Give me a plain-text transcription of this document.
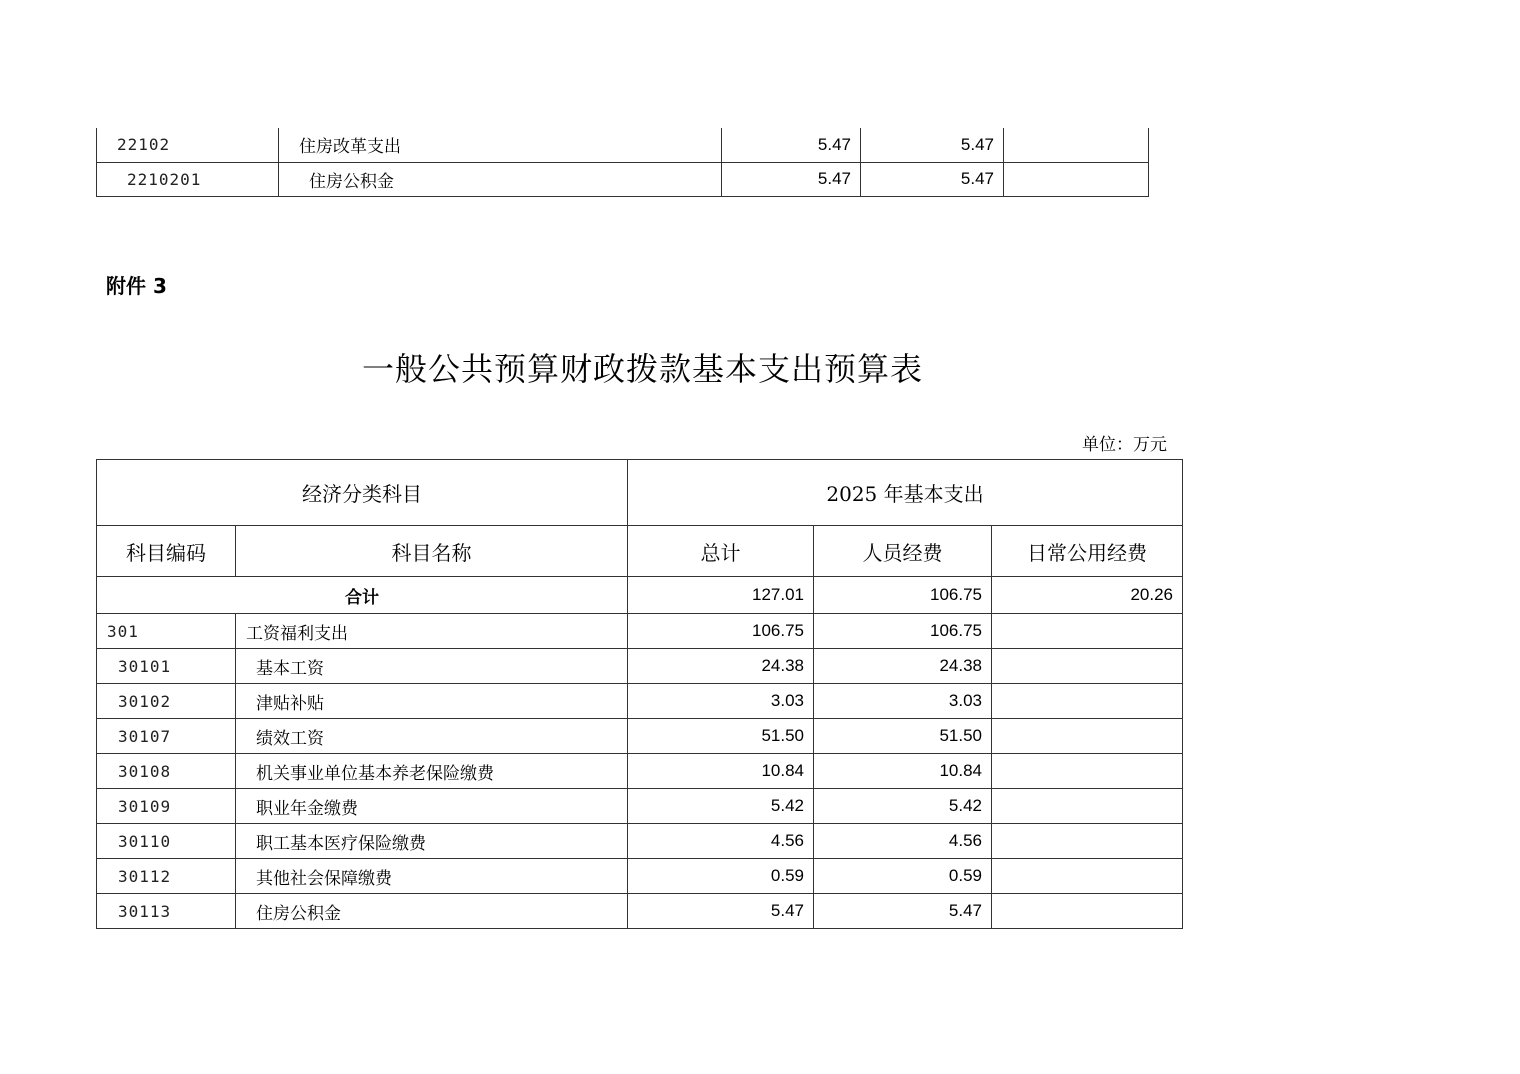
22102	住房改革支出	5.47	5.47	
2210201	住房公积金	5.47	5.47	
附件 3
一般公共预算财政拨款基本支出预算表
单位：万元
经济分类科目		2025 年基本支出		
科目编码	科目名称	总计	人员经费	日常公用经费
合计		127.01	106.75	20.26
301	工资福利支出	106.75	106.75	
30101	基本工资	24.38	24.38	
30102	津贴补贴	3.03	3.03	
30107	绩效工资	51.50	51.50	
30108	机关事业单位基本养老保险缴费	10.84	10.84	
30109	职业年金缴费	5.42	5.42	
30110	职工基本医疗保险缴费	4.56	4.56	
30112	其他社会保障缴费	0.59	0.59	
30113	住房公积金	5.47	5.47	
